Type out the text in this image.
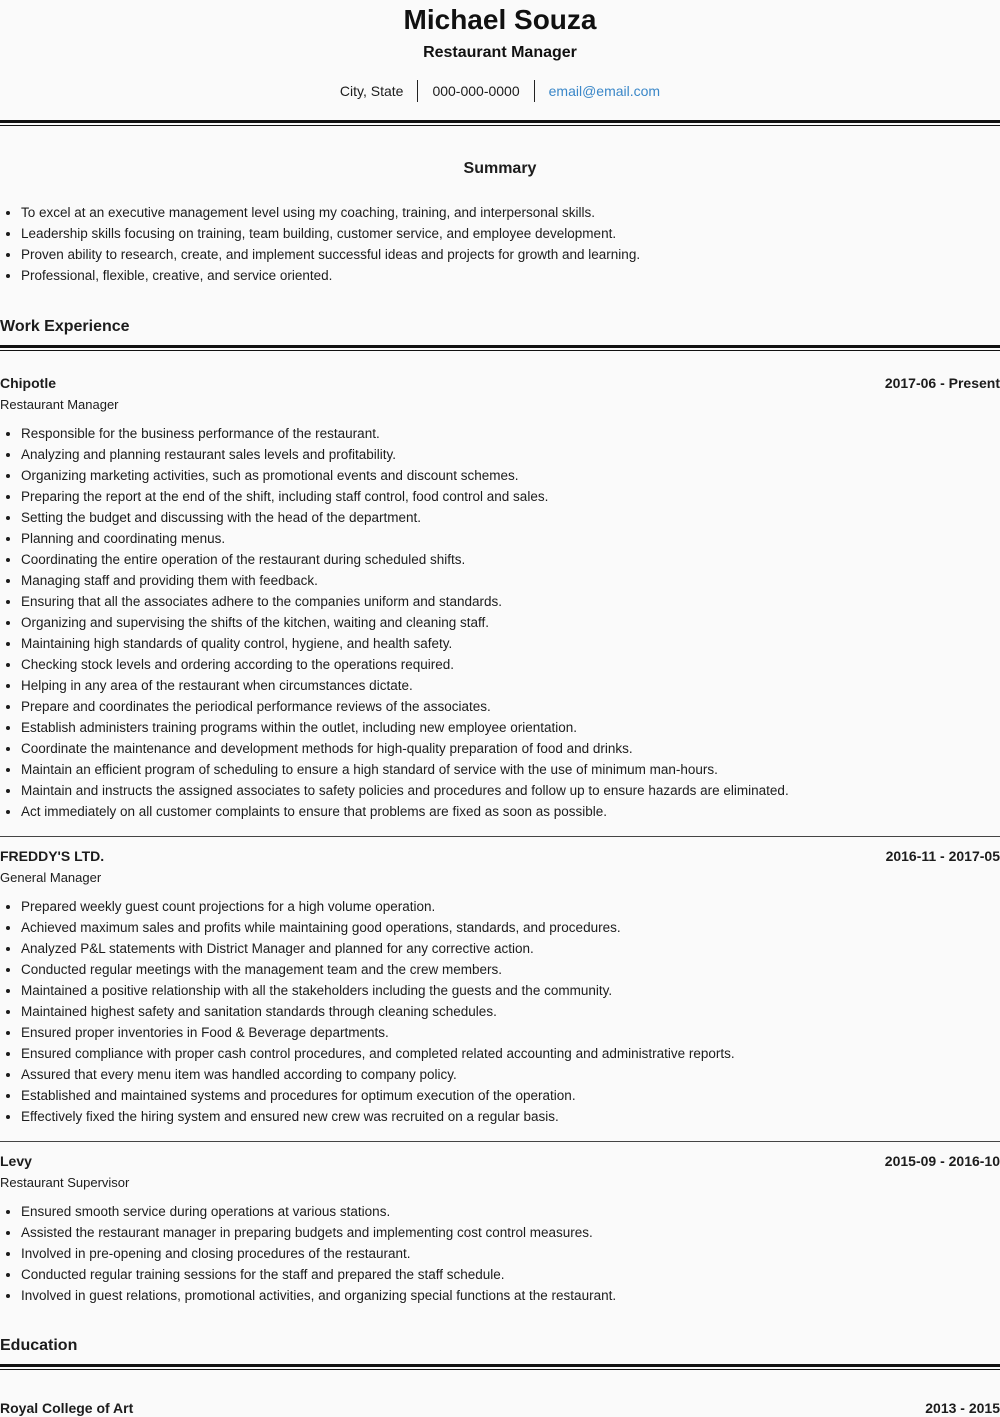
Michael Souza
Restaurant Manager
City, State	000-000-0000	email@email.com
Summary
• To excel at an executive management level using my coaching, training, and interpersonal skills.
• Leadership skills focusing on training, team building, customer service, and employee development.
• Proven ability to research, create, and implement successful ideas and projects for growth and learning.
• Professional, flexible, creative, and service oriented.
Work Experience
Chipotle	2017-06 - Present
Restaurant Manager
• Responsible for the business performance of the restaurant.
• Analyzing and planning restaurant sales levels and profitability.
• Organizing marketing activities, such as promotional events and discount schemes.
• Preparing the report at the end of the shift, including staff control, food control and sales.
• Setting the budget and discussing with the head of the department.
• Planning and coordinating menus.
• Coordinating the entire operation of the restaurant during scheduled shifts.
• Managing staff and providing them with feedback.
• Ensuring that all the associates adhere to the companies uniform and standards.
• Organizing and supervising the shifts of the kitchen, waiting and cleaning staff.
• Maintaining high standards of quality control, hygiene, and health safety.
• Checking stock levels and ordering according to the operations required.
• Helping in any area of the restaurant when circumstances dictate.
• Prepare and coordinates the periodical performance reviews of the associates.
• Establish administers training programs within the outlet, including new employee orientation.
• Coordinate the maintenance and development methods for high-quality preparation of food and drinks.
• Maintain an efficient program of scheduling to ensure a high standard of service with the use of minimum man-hours.
• Maintain and instructs the assigned associates to safety policies and procedures and follow up to ensure hazards are eliminated.
• Act immediately on all customer complaints to ensure that problems are fixed as soon as possible.
FREDDY'S LTD.	2016-11 - 2017-05
General Manager
• Prepared weekly guest count projections for a high volume operation.
• Achieved maximum sales and profits while maintaining good operations, standards, and procedures.
• Analyzed P&L statements with District Manager and planned for any corrective action.
• Conducted regular meetings with the management team and the crew members.
• Maintained a positive relationship with all the stakeholders including the guests and the community.
• Maintained highest safety and sanitation standards through cleaning schedules.
• Ensured proper inventories in Food & Beverage departments.
• Ensured compliance with proper cash control procedures, and completed related accounting and administrative reports.
• Assured that every menu item was handled according to company policy.
• Established and maintained systems and procedures for optimum execution of the operation.
• Effectively fixed the hiring system and ensured new crew was recruited on a regular basis.
Levy	2015-09 - 2016-10
Restaurant Supervisor
• Ensured smooth service during operations at various stations.
• Assisted the restaurant manager in preparing budgets and implementing cost control measures.
• Involved in pre-opening and closing procedures of the restaurant.
• Conducted regular training sessions for the staff and prepared the staff schedule.
• Involved in guest relations, promotional activities, and organizing special functions at the restaurant.
Education
Royal College of Art	2013 - 2015
